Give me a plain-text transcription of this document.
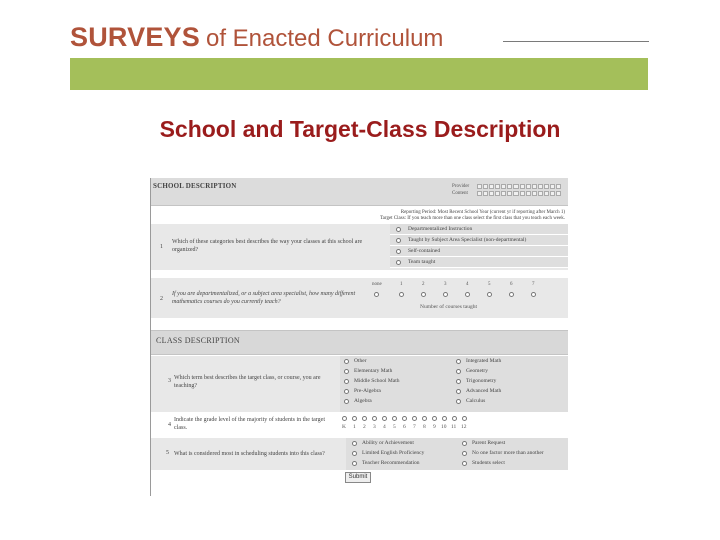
SURVEYS of Enacted Curriculum
School and Target-Class Description
SCHOOL DESCRIPTION	Provider
Content
Reporting Period: Most Recent School Year (current yr if reporting after March 1)
Target Class: If you teach more than one class select the first class that you teach each week.
1
Which of these categories best describes the way your classes at this school are organized?
Departmentalized Instruction
Taught by Subject Area Specialist (non-departmental)
Self-contained
Team taught
2
If you are departmentalized, or a subject area specialist, how many different mathematics courses do you currently teach?
none	1	2	3	4	5	6	7
Number of courses taught
CLASS DESCRIPTION
3 Which term best describes the target class, or course, you are teaching?
Other
Elementary Math
Middle School Math
Pre-Algebra
Algebra
Integrated Math
Geometry
Trigonometry
Advanced Math
Calculus
4
Indicate the grade level of the majority of students in the target class.	K 1 2 3 4 5 6 7 8 9 10 11 12
5 What is considered most in scheduling students into this class?
Ability or Achievement
Limited English Proficiency
Teacher Recommendation
Parent Request
No one factor more than another
Students select
Submit
